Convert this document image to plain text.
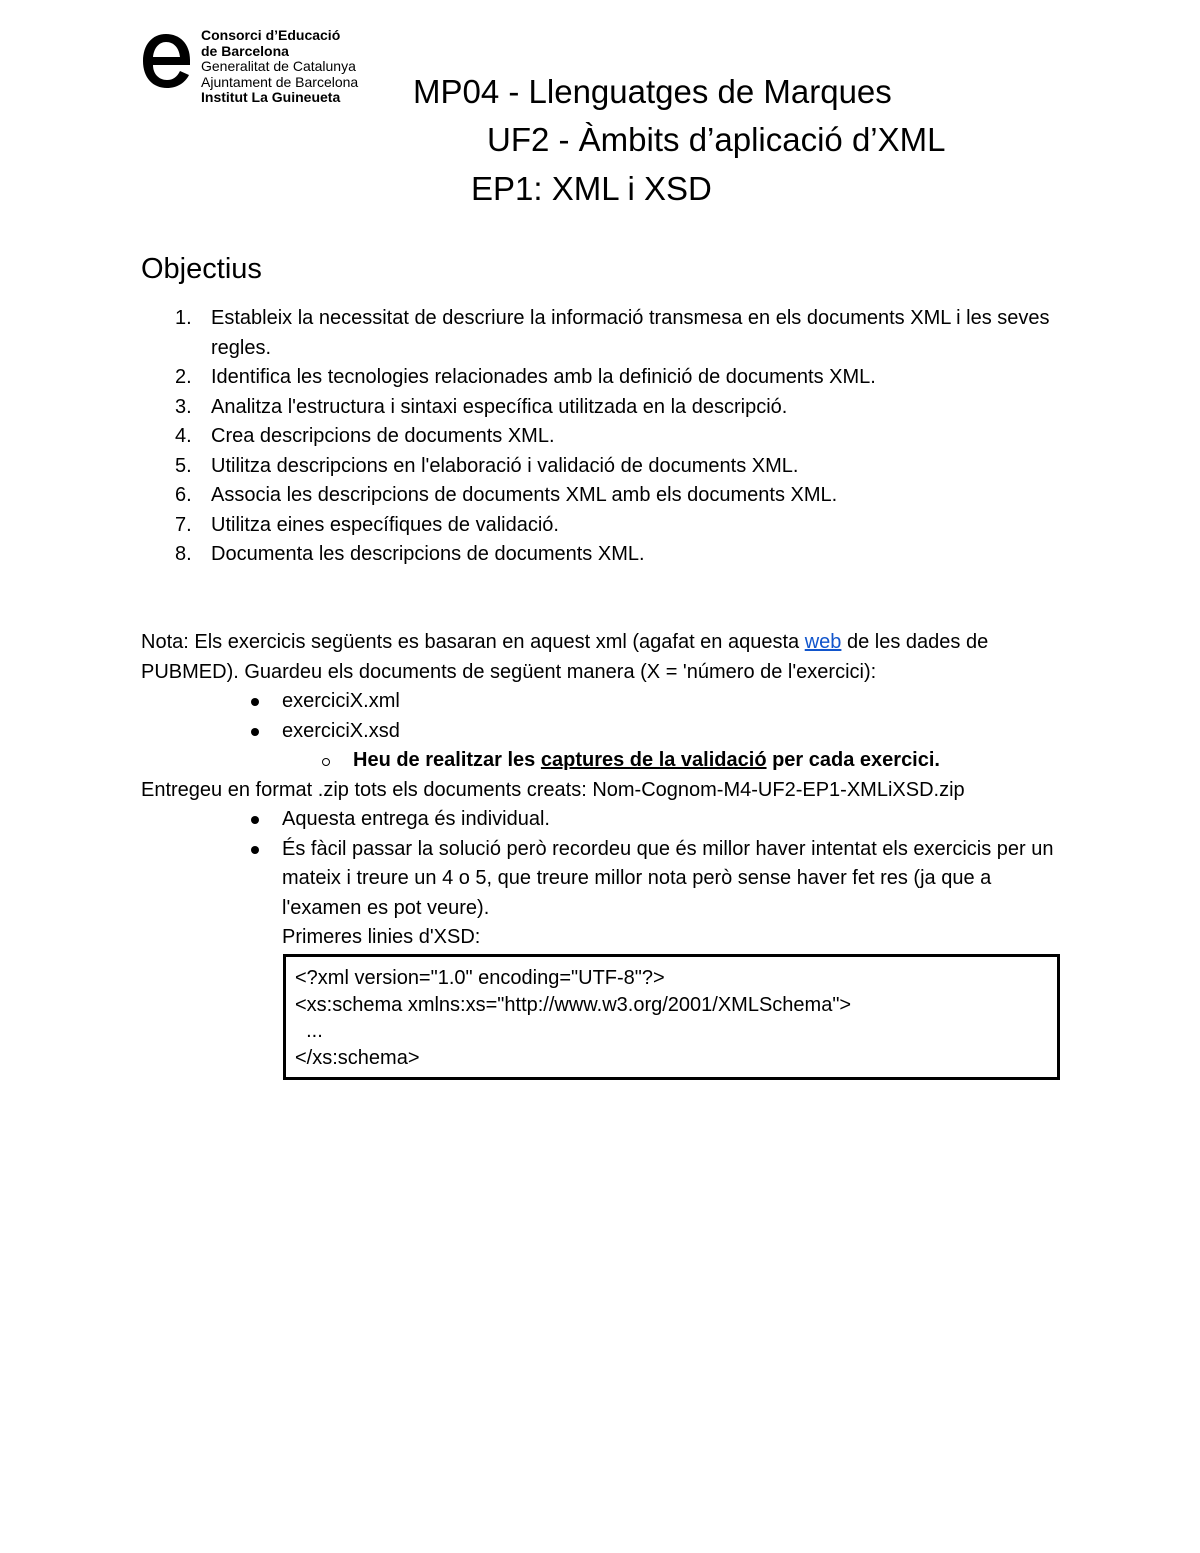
Consorci d’Educació
de Barcelona
Generalitat de Catalunya
Ajuntament de Barcelona
Institut La Guineueta	MP04 - Llenguatges de Marques
UF2 - Àmbits d’aplicació d’XML
EP1: XML i XSD
Objectius
1. Estableix la necessitat de descriure la informació transmesa en els documents XML i les seves regles.
2. Identifica les tecnologies relacionades amb la definició de documents XML.
3. Analitza l'estructura i sintaxi específica utilitzada en la descripció.
4. Crea descripcions de documents XML.
5. Utilitza descripcions en l'elaboració i validació de documents XML.
6. Associa les descripcions de documents XML amb els documents XML.
7. Utilitza eines específiques de validació.
8. Documenta les descripcions de documents XML.

Nota: Els exercicis següents es basaran en aquest xml (agafat en aquesta web de les dades de PUBMED). Guardeu els documents de següent manera (X = 'número de l'exercici):

exerciciX.xml
exerciciX.xsd
Heu de realitzar les captures de la validació per cada exercici.

Entregeu en format .zip tots els documents creats: Nom-Cognom-M4-UF2-EP1-XMLiXSD.zip

Aquesta entrega és individual.
És fàcil passar la solució però recordeu que és millor haver intentat els exercicis per un mateix i treure un 4 o 5, que treure millor nota però sense haver fet res (ja que a l'examen es pot veure).
Primeres linies d'XSD:
<?xml version="1.0" encoding="UTF-8"?>
<xs:schema xmlns:xs="http://www.w3.org/2001/XMLSchema">
...
</xs:schema>
